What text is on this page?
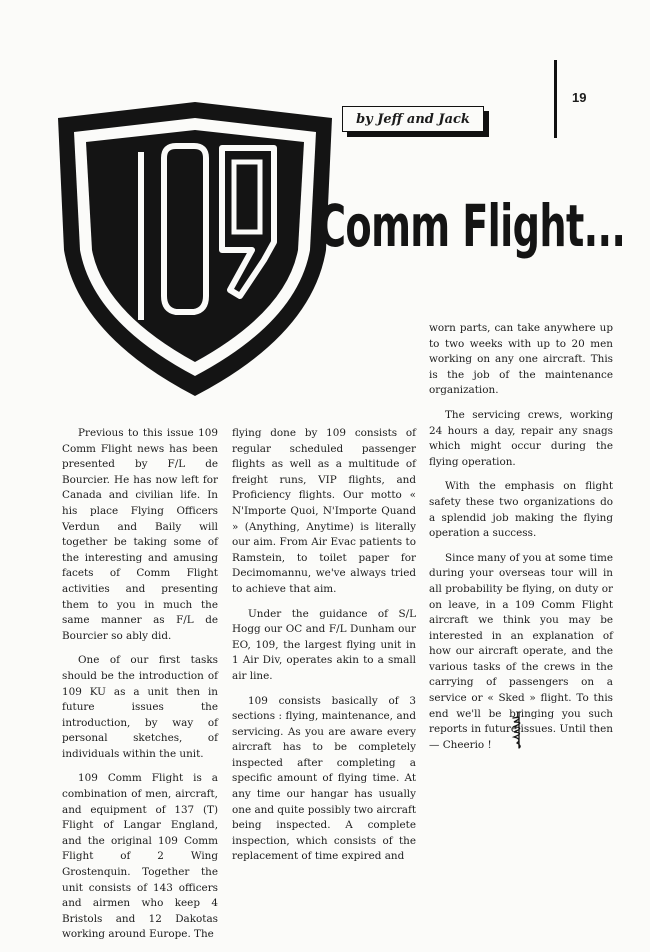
19
by Jeff and Jack
Comm Flight...

Previous to this issue 109 Comm Flight news has been presented by F/L de Bourcier. He has now left for Canada and civilian life. In his place Flying Officers Verdun and Baily will together be taking some of the interesting and amusing facets of Comm Flight activities and presenting them to you in much the same manner as F/L de Bourcier so ably did.

One of our first tasks should be the introduction of 109 KU as a unit then in future issues the introduction, by way of personal sketches, of individuals within the unit.

109 Comm Flight is a combination of men, aircraft, and equipment of 137 (T) Flight of Langar England, and the original 109 Comm Flight of 2 Wing Grostenquin. Together the unit consists of 143 officers and airmen who keep 4 Bristols and 12 Dakotas working around Europe. The

flying done by 109 consists of regular scheduled passenger flights as well as a multitude of freight runs, VIP flights, and Proficiency flights. Our motto « N'Importe Quoi, N'Importe Quand » (Anything, Anytime) is literally our aim. From Air Evac patients to Ramstein, to toilet paper for Decimomannu, we've always tried to achieve that aim.

Under the guidance of S/L Hogg our OC and F/L Dunham our EO, 109, the largest flying unit in 1 Air Div, operates akin to a small air line.

109 consists basically of 3 sections : flying, maintenance, and servicing. As you are aware every aircraft has to be completely inspected after completing a specific amount of flying time. At any time our hangar has usually one and quite possibly two aircraft being inspected. A complete inspection, which consists of the replacement of time expired and

worn parts, can take anywhere up to two weeks with up to 20 men working on any one aircraft. This is the job of the maintenance organization.

The servicing crews, working 24 hours a day, repair any snags which might occur during the flying operation.

With the emphasis on flight safety these two organizations do a splendid job making the flying operation a success.

Since many of you at some time during your overseas tour will in all probability be flying, on duty or on leave, in a 109 Comm Flight aircraft we think you may be interested in an explanation of how our aircraft operate, and the various tasks of the crews in the carrying of passengers on a service or « Sked » flight. To this end we'll be bringing you such reports in future issues. Until then — Cheerio !
